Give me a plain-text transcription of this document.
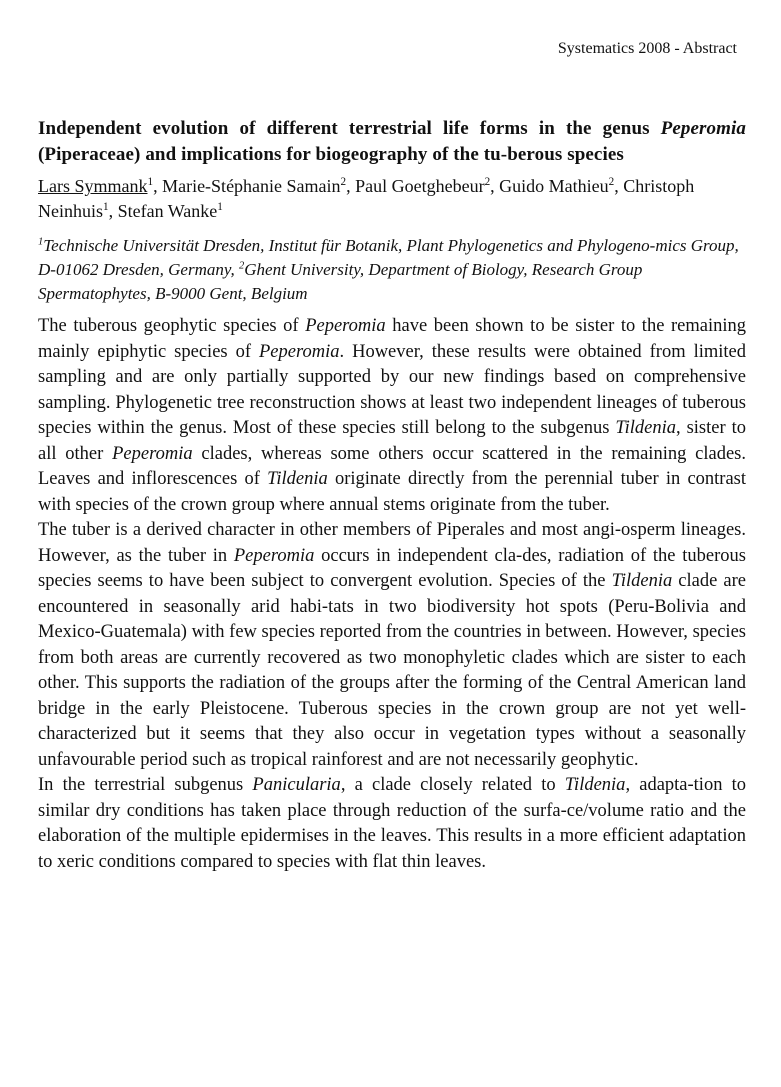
Systematics 2008 - Abstract
Independent evolution of different terrestrial life forms in the genus Peperomia (Piperaceae) and implications for biogeography of the tu-berous species
Lars Symmank$^1$, Marie-Stéphanie Samain$^2$, Paul Goetghebeur$^2$, Guido Mathieu$^2$, Christoph Neinhuis$^1$, Stefan Wanke$^1$
$^1$Technische Universität Dresden, Institut für Botanik, Plant Phylogenetics and Phylogeno-mics Group, D-01062 Dresden, Germany, $^2$Ghent University, Department of Biology, Research Group Spermatophytes, B-9000 Gent, Belgium

The tuberous geophytic species of Peperomia have been shown to be sister to the remaining mainly epiphytic species of Peperomia. However, these results were obtained from limited sampling and are only partially supported by our new findings based on comprehensive sampling. Phylogenetic tree reconstruction shows at least two independent lineages of tuberous species within the genus. Most of these species still belong to the subgenus Tildenia, sister to all other Peperomia clades, whereas some others occur scattered in the remaining clades. Leaves and inflorescences of Tildenia originate directly from the perennial tuber in contrast with species of the crown group where annual stems originate from the tuber.

The tuber is a derived character in other members of Piperales and most angi-osperm lineages. However, as the tuber in Peperomia occurs in independent cla-des, radiation of the tuberous species seems to have been subject to convergent evolution. Species of the Tildenia clade are encountered in seasonally arid habi-tats in two biodiversity hot spots (Peru-Bolivia and Mexico-Guatemala) with few species reported from the countries in between. However, species from both areas are currently recovered as two monophyletic clades which are sister to each other. This supports the radiation of the groups after the forming of the Central American land bridge in the early Pleistocene. Tuberous species in the crown group are not yet well-characterized but it seems that they also occur in vegetation types without a seasonally unfavourable period such as tropical rainforest and are not necessarily geophytic.

In the terrestrial subgenus Panicularia, a clade closely related to Tildenia, adapta-tion to similar dry conditions has taken place through reduction of the surfa-ce/volume ratio and the elaboration of the multiple epidermises in the leaves. This results in a more efficient adaptation to xeric conditions compared to species with flat thin leaves.
